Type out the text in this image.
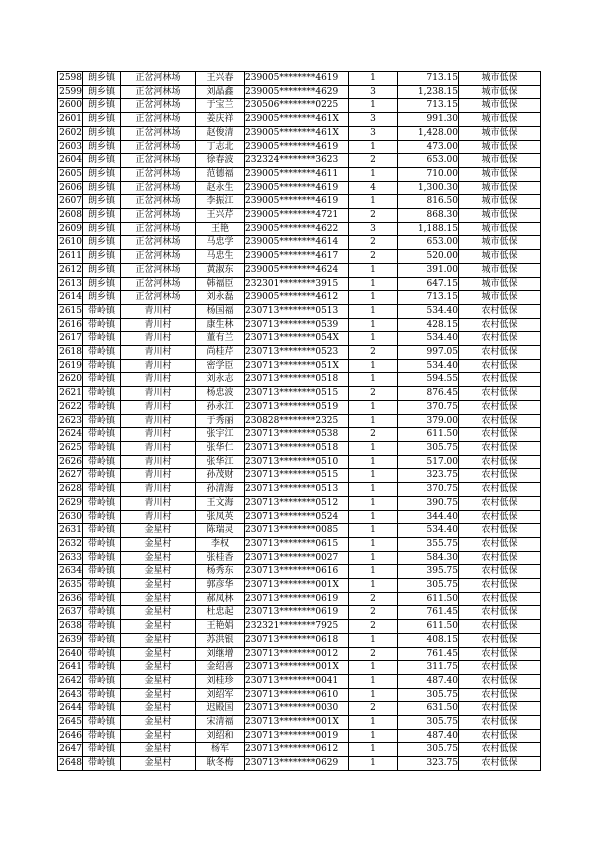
2598	朗乡镇	正岔河林场	王兴春	239005********4619	1	713.15	城市低保
2599	朗乡镇	正岔河林场	刘晶鑫	239005********4629	3	1,238.15	城市低保
2600	朗乡镇	正岔河林场	于宝兰	230506********0225	1	713.15	城市低保
2601	朗乡镇	正岔河林场	姜庆祥	239005********461X	3	991.30	城市低保
2602	朗乡镇	正岔河林场	赵俊清	239005********461X	3	1,428.00	城市低保
2603	朗乡镇	正岔河林场	丁志北	239005********4619	1	473.00	城市低保
2604	朗乡镇	正岔河林场	徐春波	232324********3623	2	653.00	城市低保
2605	朗乡镇	正岔河林场	范德福	239005********4611	1	710.00	城市低保
2606	朗乡镇	正岔河林场	赵永生	239005********4619	4	1,300.30	城市低保
2607	朗乡镇	正岔河林场	李振江	239005********4619	1	816.50	城市低保
2608	朗乡镇	正岔河林场	王兴芹	239005********4721	2	868.30	城市低保
2609	朗乡镇	正岔河林场	王艳	239005********4622	3	1,188.15	城市低保
2610	朗乡镇	正岔河林场	马忠学	239005********4614	2	653.00	城市低保
2611	朗乡镇	正岔河林场	马忠生	239005********4617	2	520.00	城市低保
2612	朗乡镇	正岔河林场	黄淑东	239005********4624	1	391.00	城市低保
2613	朗乡镇	正岔河林场	韩福臣	232301********3915	1	647.15	城市低保
2614	朗乡镇	正岔河林场	刘永磊	239005********4612	1	713.15	城市低保
2615	带岭镇	青川村	杨国福	230713********0513	1	534.40	农村低保
2616	带岭镇	青川村	康生林	230713********0539	1	428.15	农村低保
2617	带岭镇	青川村	董有兰	230713********054X	1	534.40	农村低保
2618	带岭镇	青川村	尚桂芹	230713********0523	2	997.05	农村低保
2619	带岭镇	青川村	密学臣	230713********051X	1	534.40	农村低保
2620	带岭镇	青川村	刘永志	230713********0518	1	594.55	农村低保
2621	带岭镇	青川村	杨忠波	230713********0515	2	876.45	农村低保
2622	带岭镇	青川村	孙永江	230713********0519	1	370.75	农村低保
2623	带岭镇	青川村	于秀丽	230828********2325	1	379.00	农村低保
2624	带岭镇	青川村	张宇江	230713********0538	2	611.50	农村低保
2625	带岭镇	青川村	张华仁	230713********0518	1	305.75	农村低保
2626	带岭镇	青川村	张华江	230713********0510	1	517.00	农村低保
2627	带岭镇	青川村	孙茂财	230713********0515	1	323.75	农村低保
2628	带岭镇	青川村	孙清海	230713********0513	1	370.75	农村低保
2629	带岭镇	青川村	王文海	230713********0512	1	390.75	农村低保
2630	带岭镇	青川村	张凤英	230713********0524	1	344.40	农村低保
2631	带岭镇	金星村	陈瑞灵	230713********0085	1	534.40	农村低保
2632	带岭镇	金星村	李权	230713********0615	1	355.75	农村低保
2633	带岭镇	金星村	张桂香	230713********0027	1	584.30	农村低保
2634	带岭镇	金星村	杨秀东	230713********0616	1	395.75	农村低保
2635	带岭镇	金星村	郭彦华	230713********001X	1	305.75	农村低保
2636	带岭镇	金星村	郝凤林	230713********0619	2	611.50	农村低保
2637	带岭镇	金星村	杜忠起	230713********0619	2	761.45	农村低保
2638	带岭镇	金星村	王艳娟	232321********7925	2	611.50	农村低保
2639	带岭镇	金星村	苏洪银	230713********0618	1	408.15	农村低保
2640	带岭镇	金星村	刘继增	230713********0012	2	761.45	农村低保
2641	带岭镇	金星村	金绍喜	230713********001X	1	311.75	农村低保
2642	带岭镇	金星村	刘桂珍	230713********0041	1	487.40	农村低保
2643	带岭镇	金星村	刘绍军	230713********0610	1	305.75	农村低保
2644	带岭镇	金星村	迟殿国	230713********0030	2	631.50	农村低保
2645	带岭镇	金星村	宋清福	230713********001X	1	305.75	农村低保
2646	带岭镇	金星村	刘绍和	230713********0019	1	487.40	农村低保
2647	带岭镇	金星村	杨军	230713********0612	1	305.75	农村低保
2648	带岭镇	金星村	耿冬梅	230713********0629	1	323.75	农村低保
